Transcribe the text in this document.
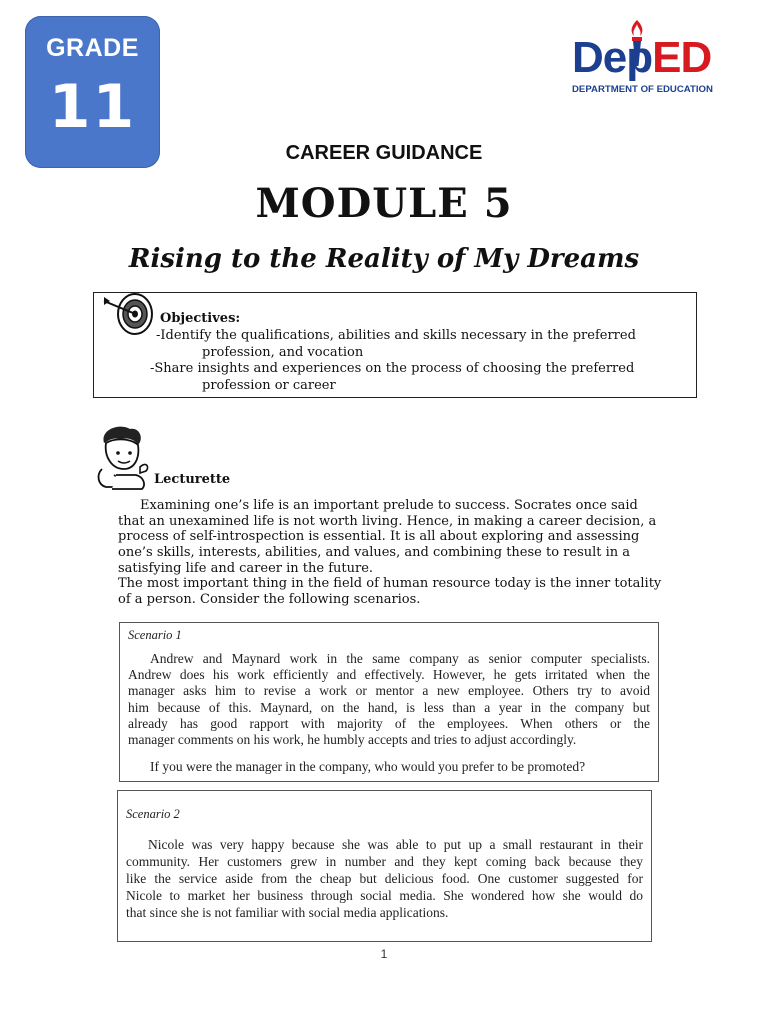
GRADE
11
DepED
DEPARTMENT OF EDUCATION
CAREER GUIDANCE
MODULE 5
Rising to the Reality of My Dreams
Objectives:
-Identify the qualifications, abilities and skills necessary in the preferred
profession, and vocation
-Share insights and experiences on the process of choosing the preferred
profession or career
Lecturette
Examining one’s life is an important prelude to success. Socrates once said
that an unexamined life is not worth living. Hence, in making a career decision, a
process of self-introspection is essential. It is all about exploring and assessing
one’s skills, interests, abilities, and values, and combining these to result in a
satisfying life and career in the future.
The most important thing in the field of human resource today is the inner totality
of a person. Consider the following scenarios.
Scenario 1
Andrew and Maynard work in the same company as senior computer specialists.
Andrew does his work efficiently and effectively. However, he gets irritated when the
manager asks him to revise a work or mentor a new employee. Others try to avoid
him because of this. Maynard, on the hand, is less than a year in the company but
already has good rapport with majority of the employees. When others or the
manager comments on his work, he humbly accepts and tries to adjust accordingly.
If you were the manager in the company, who would you prefer to be promoted?
Scenario 2
Nicole was very happy because she was able to put up a small restaurant in their
community. Her customers grew in number and they kept coming back because they
like the service aside from the cheap but delicious food. One customer suggested for
Nicole to market her business through social media. She wondered how she would do
that since she is not familiar with social media applications.
1
